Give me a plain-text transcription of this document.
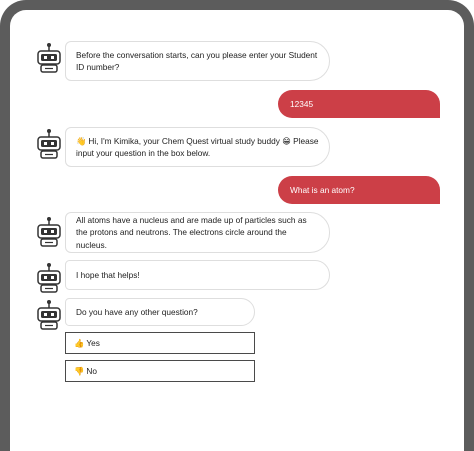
Before the conversation starts, can you please enter your Student ID number?
12345
👋 Hi, I'm Kimika, your Chem Quest virtual study buddy 😁 Please input your question in the box below.
What is an atom?
All atoms have a nucleus and are made up of particles such as the protons and neutrons. The electrons circle around the nucleus.
I hope that helps!
Do you have any other question?
👍 Yes
👎 No
